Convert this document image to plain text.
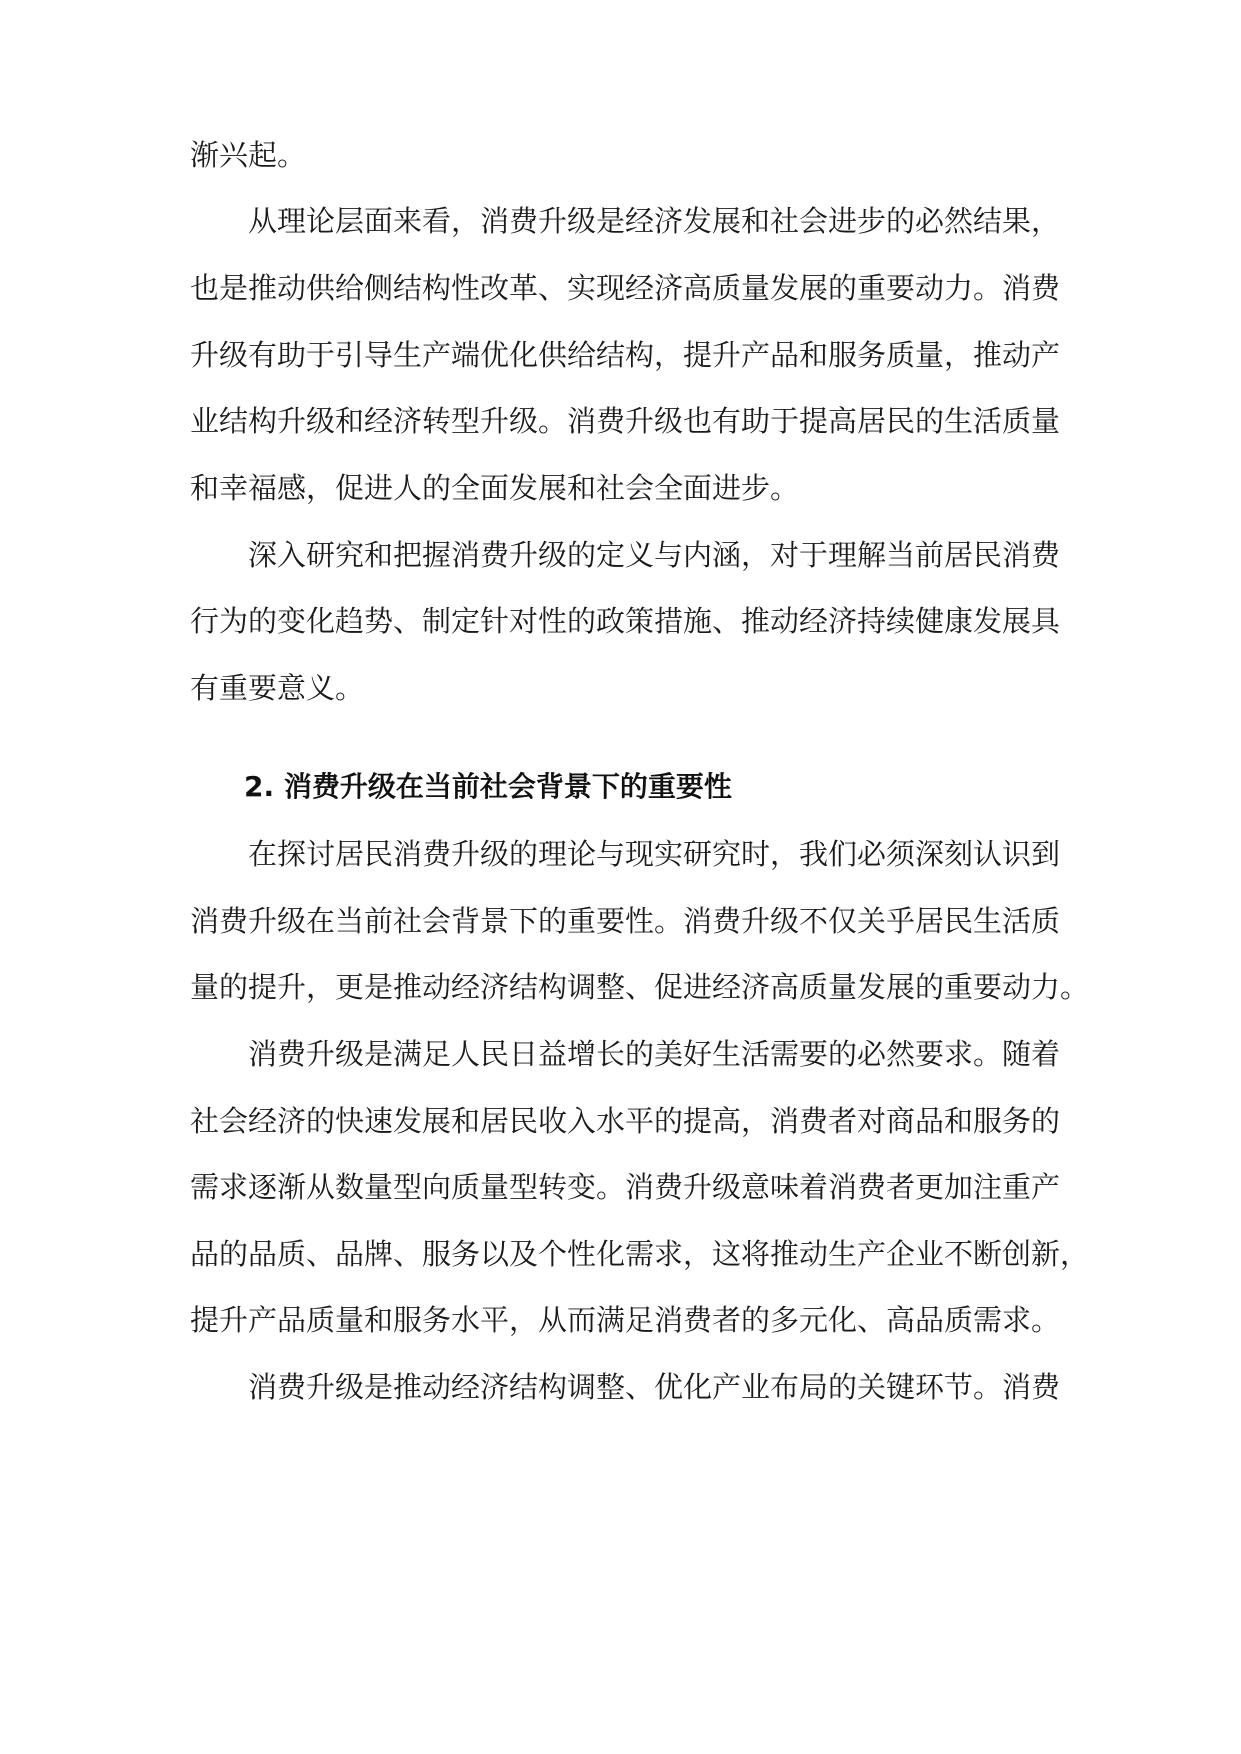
渐兴起。
从理论层面来看，消费升级是经济发展和社会进步的必然结果，
也是推动供给侧结构性改革、实现经济高质量发展的重要动力。消费
升级有助于引导生产端优化供给结构，提升产品和服务质量，推动产
业结构升级和经济转型升级。消费升级也有助于提高居民的生活质量
和幸福感，促进人的全面发展和社会全面进步。
深入研究和把握消费升级的定义与内涵，对于理解当前居民消费
行为的变化趋势、制定针对性的政策措施、推动经济持续健康发展具
有重要意义。
2. 消费升级在当前社会背景下的重要性
在探讨居民消费升级的理论与现实研究时，我们必须深刻认识到
消费升级在当前社会背景下的重要性。消费升级不仅关乎居民生活质
量的提升，更是推动经济结构调整、促进经济高质量发展的重要动力。
消费升级是满足人民日益增长的美好生活需要的必然要求。随着
社会经济的快速发展和居民收入水平的提高，消费者对商品和服务的
需求逐渐从数量型向质量型转变。消费升级意味着消费者更加注重产
品的品质、品牌、服务以及个性化需求，这将推动生产企业不断创新，
提升产品质量和服务水平，从而满足消费者的多元化、高品质需求。
消费升级是推动经济结构调整、优化产业布局的关键环节。消费
